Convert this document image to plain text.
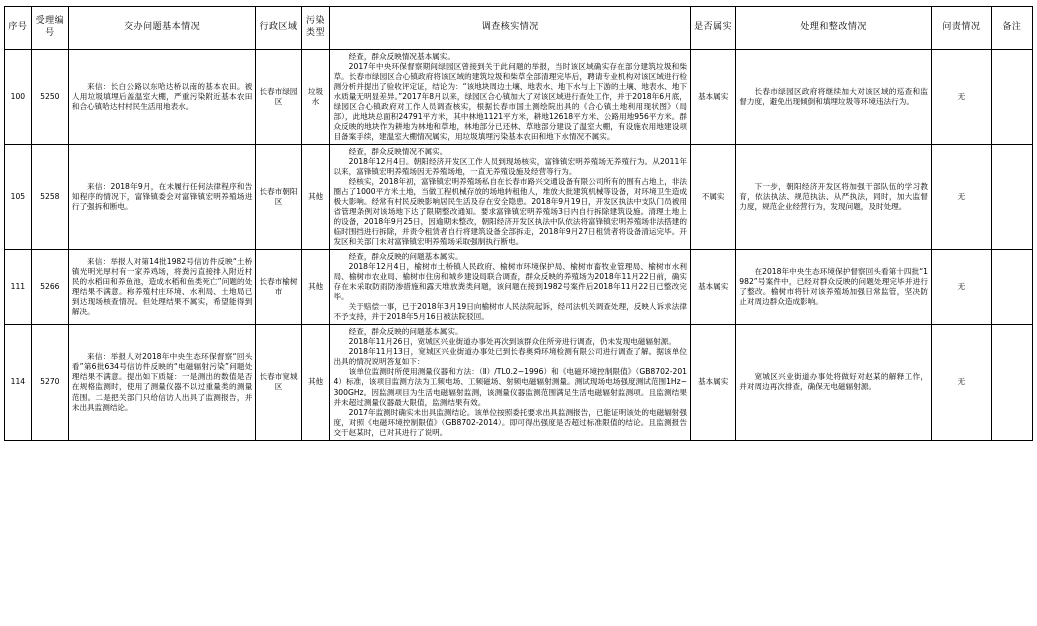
序号	受理编号	交办问题基本情况	行政区域	污染类型	调查核实情况	是否属实	处理和整改情况	问责情况	备注
100	5250	来信：长白公路以东哈达桥以南的基本农田。被人用垃圾填埋后盖温室大棚，严重污染附近基本农田和合心镇哈达村村民生活用地表水。	长春市绿园区	垃圾水	经查，群众反映情况基本属实。

2017年中央环保督察期间绿园区曾接到关于此问题的举报，当时该区域确实存在部分建筑垃圾和柴草。长春市绿园区合心镇政府将该区域的建筑垃圾和柴草全部清理完毕后，聘请专业机构对该区域进行检测分析并提出了验收评定证，结论为：“该地块周边土壤、地表水、地下水与上下游的土壤、地表水、地下水质量无明显差异。”2017年8月以来，绿园区合心镇加大了对该区域进行查处工作，并于2018年6月底，绿园区合心镇政府对工作人员调查核实，根据长春市国土测绘院出具的《合心镇土地利用现状图》（局部），此地块总面积24791平方米，其中林地1121平方米，耕地12618平方米、公路用地956平方米。群众反映的地块作为耕地为林地和草地，林地部分已还林、草地部分建设了温室大棚，有设施农用地建设项目备案手续，建温室大棚情况属实，用垃圾填埋污染基本农田和地下水情况不属实。	基本属实	长春市绿园区政府将继续加大对该区域的巡查和监督力度，避免出现倾倒和填埋垃圾等环境违法行为。	无	
105	5258	来信：2018年9月，在未履行任何法律程序和告知程序的情况下，富锋镇委会对富锋镇宏明养殖场进行了强拆和断电。	长春市朝阳区	其他	经查，群众反映情况不属实。

2018年12月4日。朝阳经济开发区工作人员到现场核实，富锋镇宏明养殖场无养殖行为。从2011年以来，富锋镇宏明养殖场因无养殖场地，一直无养殖设施及经营等行为。

经核实，2018年初，富锋镇宏明养殖场私自在长春市路兴交通设备有限公司所有的围有占地上，非法圈占了1000平方米土地，当做工程机械存放的场地转租他人，堆放大批建筑机械等设备，对环境卫生造成极大影响。经常有村民反映影响居民生活及存在安全隐患。2018年9月19日，开发区执法中支队门员被用省管理条例对该场地下达了限期整改通知。要求富锋镇宏明养殖场3日内自行拆除建筑设施。清理土地上的设备，2018年9月25日，因逾期未整改，朝阳经济开发区执法中队依法将富锋镇宏明养殖场非法搭建的临时围挡进行拆除，并责令租赁者自行将建筑设备全部拆走，2018年9月27日租赁者将设备清运完毕。开发区和关部门未对富锋镇宏明养殖场采取强制执行断电。	不属实	下一步，朝阳经济开发区将加强干部队伍的学习教育，依法执法、规范执法、从严执法，同时，加大监督力度，规范企业经营行为，发现问题，及时处理。	无	
111	5266	来信：举报人对第14批1982号信访件反映“土桥镇光明光厚村有一家养鸡场，将粪污直接排入附近村民的水稻田和养鱼池，造成水稻和鱼类死亡”问题的处理结果不满意。称养殖村庄环境、水利局、土地局已到达现场核查情况。但处理结果不属实，希望能得到解决。	长春市榆树市	其他	经查，群众反映的问题基本属实。

2018年12月4日，榆树市土桥镇人民政府、榆树市环境保护局、榆树市畜牧业管理局、榆树市水利局、榆树市农业局、榆树市住房和城乡建设局联合调查，群众反映的养殖场为2018年11月22日前，确实存在未采取防雨防渗措施和露天堆放粪类问题，该问题在接到1982号案件后2018年11月22日已整改完毕。

关于赔偿一事，已于2018年3月19日向榆树市人民法院起诉，经司法机关调查处理，反映人诉求法律不予支持，并于2018年5月16日被法院驳回。	基本属实	在2018年中央生态环境保护督察回头看第十四批“1982”号案件中，已经对群众反映的问题处理完毕并进行了整改。榆树市将针对该养殖场加强日常监管，坚决防止对周边群众造成影响。	无	
114	5270	来信：举报人对2018年中央生态环保督察“回头看”第6批634号信访件反映的“电磁辐射污染”问题处理结果不满意。提出如下质疑：一是测出的数值是否在规格监测时，使用了测量仪器不以过重量类的测量范围。二是把关部门只给信访人出具了监测报告，并未出具监测结论。	长春市宽城区	其他	经查，群众反映的问题基本属实。

2018年11月26日，宽城区兴业街道办事处再次到该群众住所旁进行调查，仍未发现电磁辐射源。

2018年11月13日，宽城区兴业街道办事处已到长春奥舜环境检测有限公司进行调查了解。据该单位出具的情况说明答复如下：

该单位监测时所使用测量仪器和方法：（Ⅱ）/TL0.2~1996）和《电磁环境控制限值》（GB8702-2014）标准，该项目监测方法为工频电场、工频磁场、射频电磁辐射测量。测试现场电场强度测试范围1Hz~300GHz。因监测项目为生活电磁辐射监测，该测量仪器监测范围满足生活电磁辐射监测项。且监测结果并未超过测量仪器最大限值，监测结果有效。

2017年监测时确实未出具监测结论。该单位按照委托要求出具监测报告，已能证明该处的电磁辐射强度，对照《电磁环境控制限值》（GB8702-2014）。即可得出强度是否超过标准限值的结论。且监测报告交于赵某时，已对其进行了说明。	基本属实	宽城区兴业街道办事处将做好对赵某的解释工作，并对周边再次排查，确保无电磁辐射源。	无	
